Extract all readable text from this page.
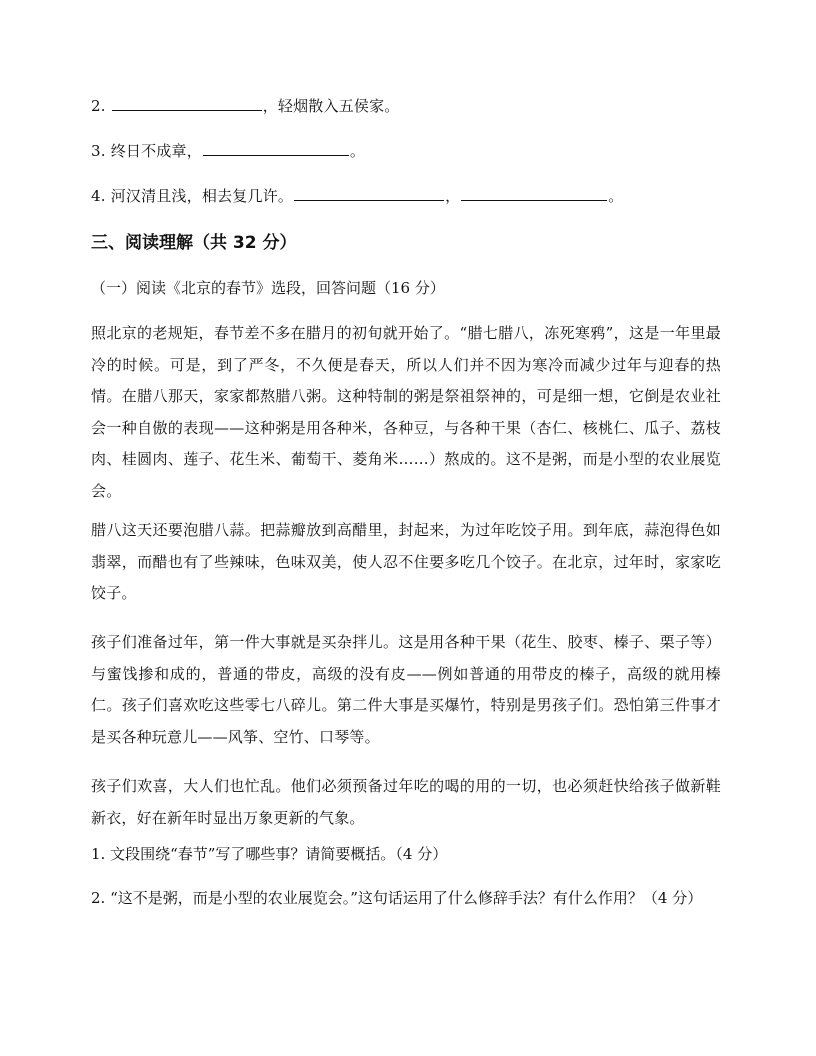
2.	，轻烟散入五侯家。
3. 终日不成章，	。
4. 河汉清且浅，相去复几许。	，	。
三、阅读理解（共 32 分）
（一）阅读《北京的春节》选段，回答问题（16 分）
照北京的老规矩，春节差不多在腊月的初旬就开始了。“腊七腊八，冻死寒鸦”，这是一年里最冷的时候。可是，到了严冬，不久便是春天，所以人们并不因为寒冷而减少过年与迎春的热情。在腊八那天，家家都熬腊八粥。这种特制的粥是祭祖祭神的，可是细一想，它倒是农业社会一种自傲的表现——这种粥是用各种米，各种豆，与各种干果（杏仁、核桃仁、瓜子、荔枝肉、桂圆肉、莲子、花生米、葡萄干、菱角米……）熬成的。这不是粥，而是小型的农业展览会。
腊八这天还要泡腊八蒜。把蒜瓣放到高醋里，封起来，为过年吃饺子用。到年底，蒜泡得色如翡翠，而醋也有了些辣味，色味双美，使人忍不住要多吃几个饺子。在北京，过年时，家家吃饺子。
孩子们准备过年，第一件大事就是买杂拌儿。这是用各种干果（花生、胶枣、榛子、栗子等）与蜜饯掺和成的，普通的带皮，高级的没有皮——例如普通的用带皮的榛子，高级的就用榛仁。孩子们喜欢吃这些零七八碎儿。第二件大事是买爆竹，特别是男孩子们。恐怕第三件事才是买各种玩意儿——风筝、空竹、口琴等。
孩子们欢喜，大人们也忙乱。他们必须预备过年吃的喝的用的一切，也必须赶快给孩子做新鞋新衣，好在新年时显出万象更新的气象。
1. 文段围绕“春节”写了哪些事？请简要概括。（4 分）
2. “这不是粥，而是小型的农业展览会。”这句话运用了什么修辞手法？有什么作用？（4 分）
